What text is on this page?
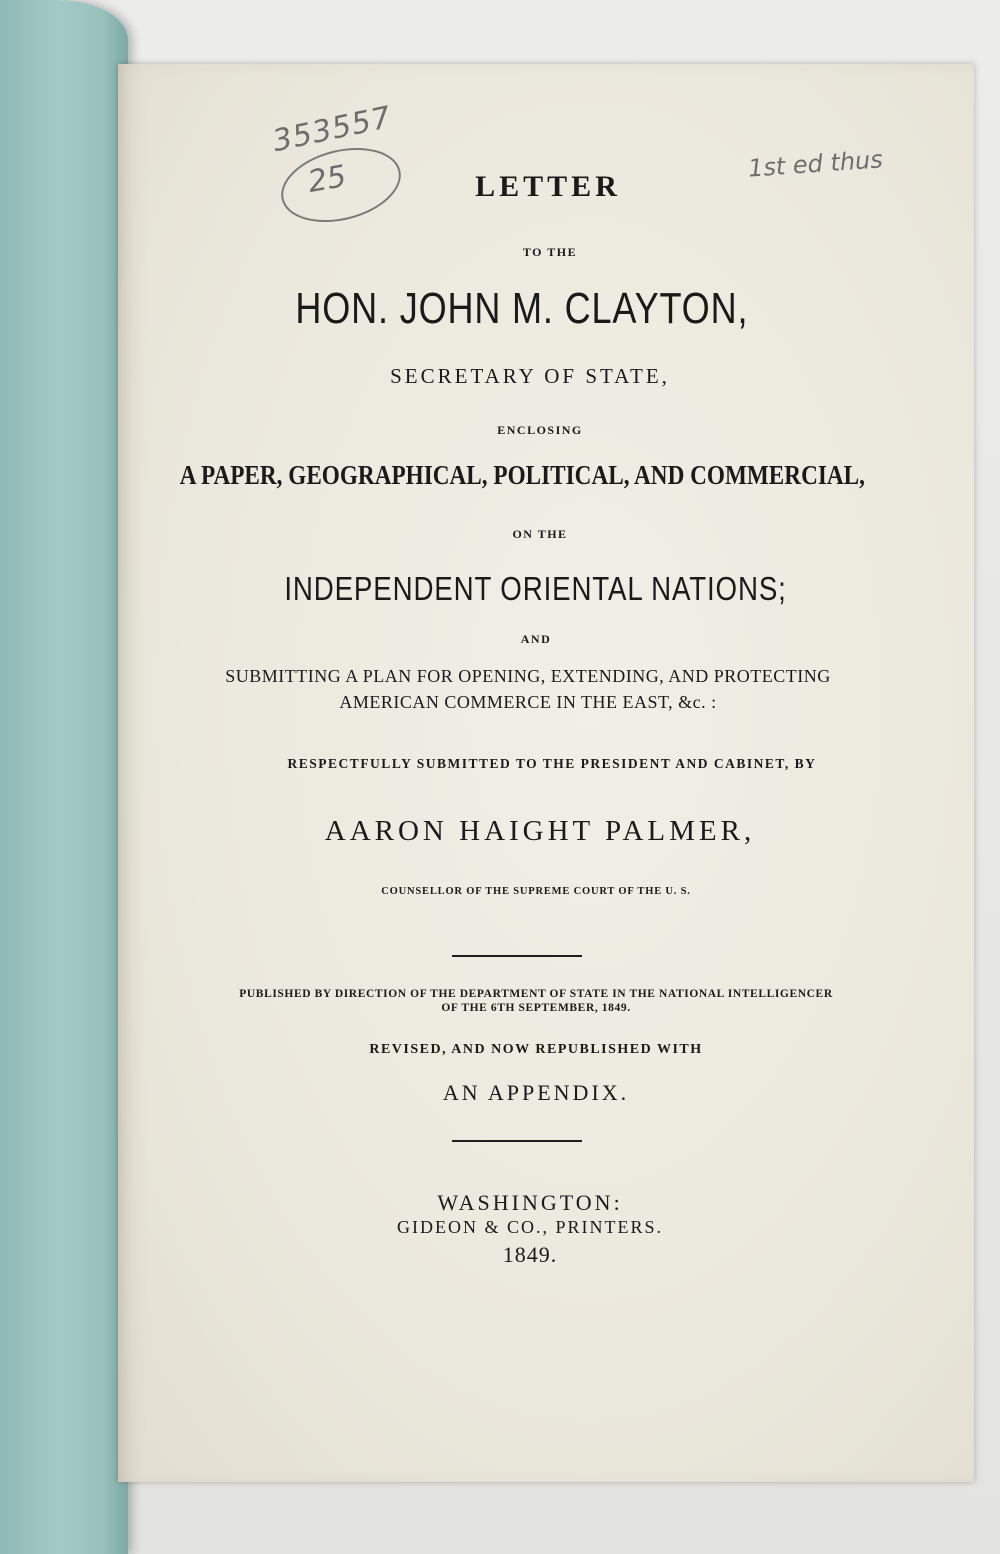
353557
25	1st ed thus
LETTER
TO THE
HON. JOHN M. CLAYTON,
SECRETARY OF STATE,
ENCLOSING
A PAPER, GEOGRAPHICAL, POLITICAL, AND COMMERCIAL,
ON THE
INDEPENDENT ORIENTAL NATIONS;
AND
SUBMITTING A PLAN FOR OPENING, EXTENDING, AND PROTECTING
AMERICAN COMMERCE IN THE EAST, &c. :
RESPECTFULLY SUBMITTED TO THE PRESIDENT AND CABINET, BY
AARON HAIGHT PALMER,
COUNSELLOR OF THE SUPREME COURT OF THE U. S.
PUBLISHED BY DIRECTION OF THE DEPARTMENT OF STATE IN THE NATIONAL INTELLIGENCER
OF THE 6TH SEPTEMBER, 1849.
REVISED, AND NOW REPUBLISHED WITH
AN APPENDIX.
WASHINGTON:
GIDEON & CO., PRINTERS.
1849.
